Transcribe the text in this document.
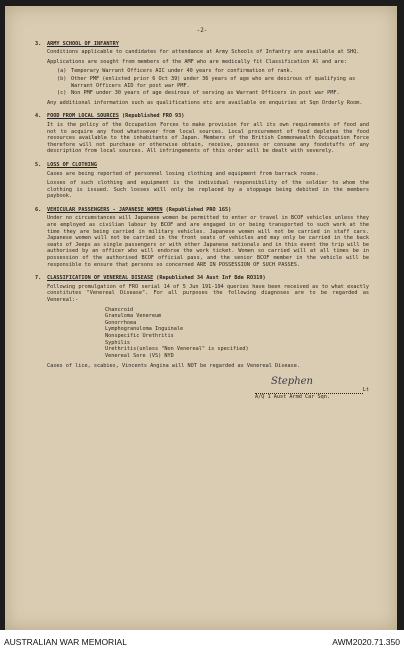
-2-
3. ARMY SCHOOL OF INFANTRY

Conditions applicable to candidates for attendance at Army Schools of Infantry are available at SHQ.

Applications are sought from members of the AMF who are medically fit Classification Al and are:

(a) Temporary Warrant Officers AIC under 40 years for confirmation of rank.
(b) Other PMF (enlisted prior 6 Oct 39) under 36 years of age who are desirous of qualifying as Warrant Officers AID for post war PMF.
(c) Non PMF under 30 years of age desirous of serving as Warrant Officers in post war PMF.

Any additional information such as qualifications etc are available on enquiries at Sqn Orderly Room.

4. FOOD FROM LOCAL SOURCES (Republished FRO 93)

It is the policy of the Occupation Forces to make provision for all its own requirements of food and not to acquire any food whatsoever from local sources. Local procurement of food depletes the food resources available to the inhabitants of Japan. Members of the British Commonwealth Occupation Force therefore will not purchase or otherwise obtain, receive, possess or consume any foodstuffs of any description from local sources. All infringements of this order will be dealt with severely.

5. LOSS OF CLOTHING

Cases are being reported of personnel losing clothing and equipment from barrack rooms.

Losses of such clothing and equipment is the individual responsibility of the soldier to whom the clothing is issued. Such losses will only be replaced by a stoppage being debited in the members paybook.

6. VEHICULAR PASSENGERS - JAPANESE WOMEN (Republished PRO 165)

Under no circumstances will Japanese women be permitted to enter or travel in BCOF vehicles unless they are employed as civilian labour by BCOF and are engaged in or being transported to such work at the time they are being carried in military vehicles. Japanese women will not be carried in staff cars. Japanese women will not be carried in the front seats of vehicles and may only be carried in the back seats of Jeeps as single passengers or with other Japanese nationals and in this event the trip will be authorised by an officer who will endorse the work ticket. Women so carried will at all times be in possession of the authorised BCOF official pass, and the senior BCOF member in the vehicle will be responsible to ensure that persons so concerned ARE IN POSSESSION OF SUCH PASSES.

7. CLASSIFICATION OF VENEREAL DISEASE (Republished 34 Aust Inf Bde RO319)

Following promulgation of FRO serial 14 of 5 Jun 191-194 queries have been received as to what exactly constitutes "Venereal Disease". For all purposes the following diagnoses are to be regarded as Venereal:-

Chancroid
Granuloma Venereum
Gonorrhoea
Lymphogranuloma Inguinale
Nonspecific Urethritis
Syphilis
Urethritis(unless "Non Venereal" is specified)
Venereal Sore (VS) NYD

Cases of lice, scabies, Vincents Angina will NOT be regarded as Venereal Disease.

Stephen
Lt
A/Q 1 Aust Armd Car Sqn.
AUSTRALIAN WAR MEMORIAL	AWM2020.71.350
